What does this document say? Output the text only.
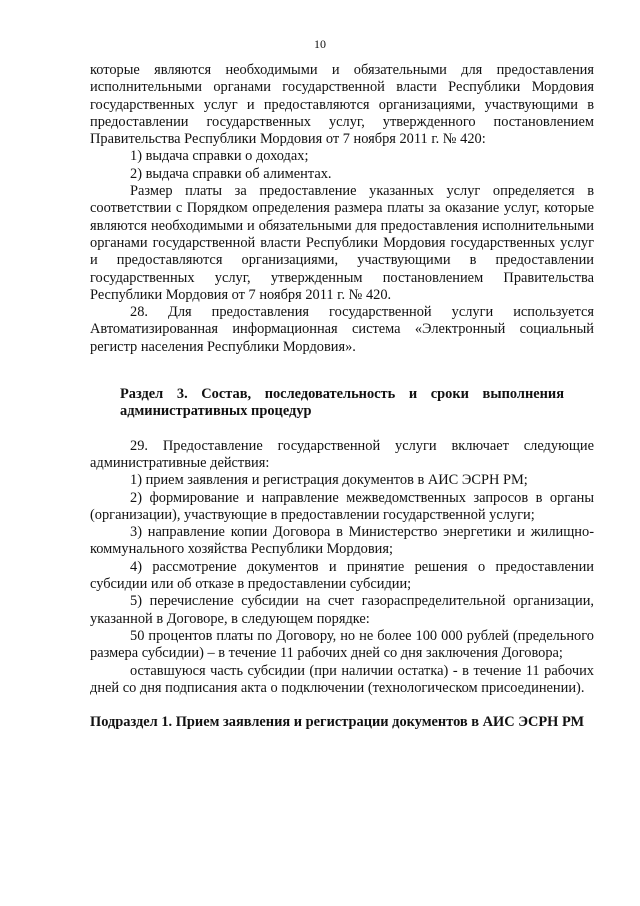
10

которые являются необходимыми и обязательными для предоставления исполнительными органами государственной власти Республики Мордовия государственных услуг и предоставляются организациями, участвующими в предоставлении государственных услуг, утвержденного постановлением Правительства Республики Мордовия от 7 ноября 2011 г. № 420:

1) выдача справки о доходах;

2) выдача справки об алиментах.

Размер платы за предоставление указанных услуг определяется в соответствии с Порядком определения размера платы за оказание услуг, которые являются необходимыми и обязательными для предоставления исполнительными органами государственной власти Республики Мордовия государственных услуг и предоставляются организациями, участвующими в предоставлении государственных услуг, утвержденным постановлением Правительства Республики Мордовия от 7 ноября 2011 г. № 420.

28. Для предоставления государственной услуги используется Автоматизированная информационная система «Электронный социальный регистр населения Республики Мордовия».

Раздел 3. Состав, последовательность и сроки выполнения административных процедур

29. Предоставление государственной услуги включает следующие административные действия:

1) прием заявления и регистрация документов в АИС ЭСРН РМ;

2) формирование и направление межведомственных запросов в органы (организации), участвующие в предоставлении государственной услуги;

3) направление копии Договора в Министерство энергетики и жилищно-коммунального хозяйства Республики Мордовия;

4) рассмотрение документов и принятие решения о предоставлении субсидии или об отказе в предоставлении субсидии;

5) перечисление субсидии на счет газораспределительной организации, указанной в Договоре, в следующем порядке:

50 процентов платы по Договору, но не более 100 000 рублей (предельного размера субсидии) – в течение 11 рабочих дней со дня заключения Договора;

оставшуюся часть субсидии (при наличии остатка) - в течение 11 рабочих дней со дня подписания акта о подключении (технологическом присоединении).

Подраздел 1. Прием заявления и регистрации документов в АИС ЭСРН РМ
